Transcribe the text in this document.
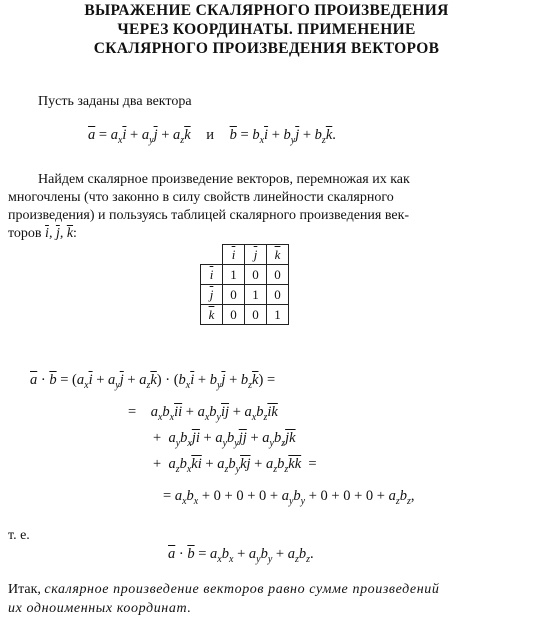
ВЫРАЖЕНИЕ СКАЛЯРНОГО ПРОИЗВЕДЕНИЯ
ЧЕРЕЗ КООРДИНАТЫ. ПРИМЕНЕНИЕ
СКАЛЯРНОГО ПРОИЗВЕДЕНИЯ ВЕКТОРОВ
Пусть заданы два вектора
$\overline{a} = a_x\overline{i} + a_y\overline{j} + a_z\overline{k}$ и $\overline{b} = b_x\overline{i} + b_y\overline{j} + b_z\overline{k}$.
Найдем скалярное произведение векторов, перемножая их как
многочлены (что законно в силу свойств линейности скалярного
произведения) и пользуясь таблицей скалярного произведения век-
торов $\overline{i}$, $\overline{j}$, $\overline{k}$:
	$\overline{i}$	$\overline{j}$	$\overline{k}$
$\overline{i}$	1	0	0
$\overline{j}$	0	1	0
$\overline{k}$	0	0	1
$\overline{a} \cdot \overline{b} = (a_x\overline{i} + a_y\overline{j} + a_z\overline{k}) \cdot (b_x\overline{i} + b_y\overline{j} + b_z\overline{k})$ =
=    $a_xb_x\overline{ii} + a_xb_y\overline{ij} + a_xb_z\overline{ik}$
+  $a_yb_x\overline{ji} + a_yb_y\overline{jj} + a_yb_z\overline{jk}$
+  $a_zb_x\overline{ki} + a_zb_y\overline{kj} + a_zb_z\overline{kk}$  =
= $a_xb_x + 0 + 0 + 0 + a_yb_y + 0 + 0 + 0 + a_zb_z$,
т. е.
$\overline{a} \cdot \overline{b} = a_xb_x + a_yb_y + a_zb_z$.
Итак, скалярное произведение векторов равно сумме произведений
их одноименных координат.
